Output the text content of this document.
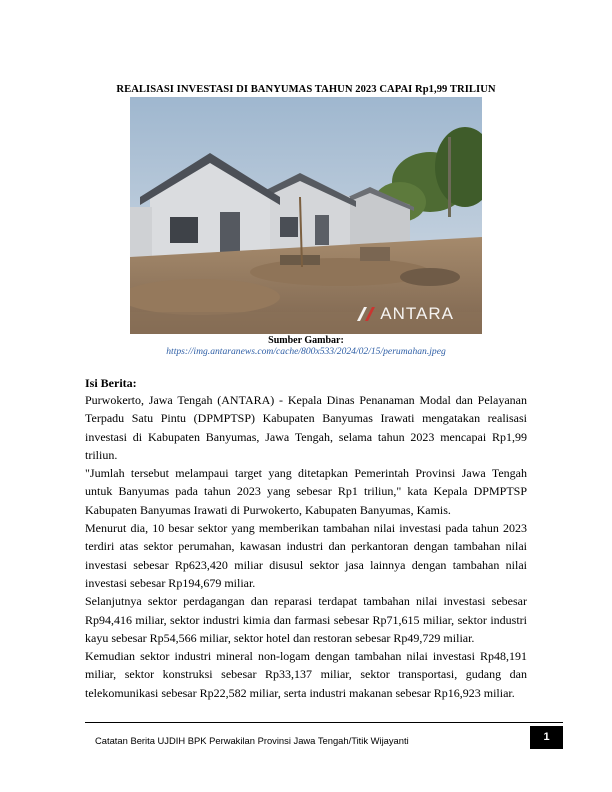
REALISASI INVESTASI DI BANYUMAS TAHUN 2023 CAPAI Rp1,99 TRILIUN
ANTARA
Sumber Gambar:
https://img.antaranews.com/cache/800x533/2024/02/15/perumahan.jpeg
Isi Berita:

Purwokerto, Jawa Tengah (ANTARA) - Kepala Dinas Penanaman Modal dan Pelayanan Terpadu Satu Pintu (DPMPTSP) Kabupaten Banyumas Irawati mengatakan realisasi investasi di Kabupaten Banyumas, Jawa Tengah, selama tahun 2023 mencapai Rp1,99 triliun.

"Jumlah tersebut melampaui target yang ditetapkan Pemerintah Provinsi Jawa Tengah untuk Banyumas pada tahun 2023 yang sebesar Rp1 triliun," kata Kepala DPMPTSP Kabupaten Banyumas Irawati di Purwokerto, Kabupaten Banyumas, Kamis.

Menurut dia, 10 besar sektor yang memberikan tambahan nilai investasi pada tahun 2023 terdiri atas sektor perumahan, kawasan industri dan perkantoran dengan tambahan nilai investasi sebesar Rp623,420 miliar disusul sektor jasa lainnya dengan tambahan nilai investasi sebesar Rp194,679 miliar.

Selanjutnya sektor perdagangan dan reparasi terdapat tambahan nilai investasi sebesar Rp94,416 miliar, sektor industri kimia dan farmasi sebesar Rp71,615 miliar, sektor industri kayu sebesar Rp54,566 miliar, sektor hotel dan restoran sebesar Rp49,729 miliar.

Kemudian sektor industri mineral non-logam dengan tambahan nilai investasi Rp48,191 miliar, sektor konstruksi sebesar Rp33,137 miliar, sektor transportasi, gudang dan telekomunikasi sebesar Rp22,582 miliar, serta industri makanan sebesar Rp16,923 miliar.

Catatan Berita UJDIH BPK Perwakilan Provinsi Jawa Tengah/Titik Wijayanti	1
